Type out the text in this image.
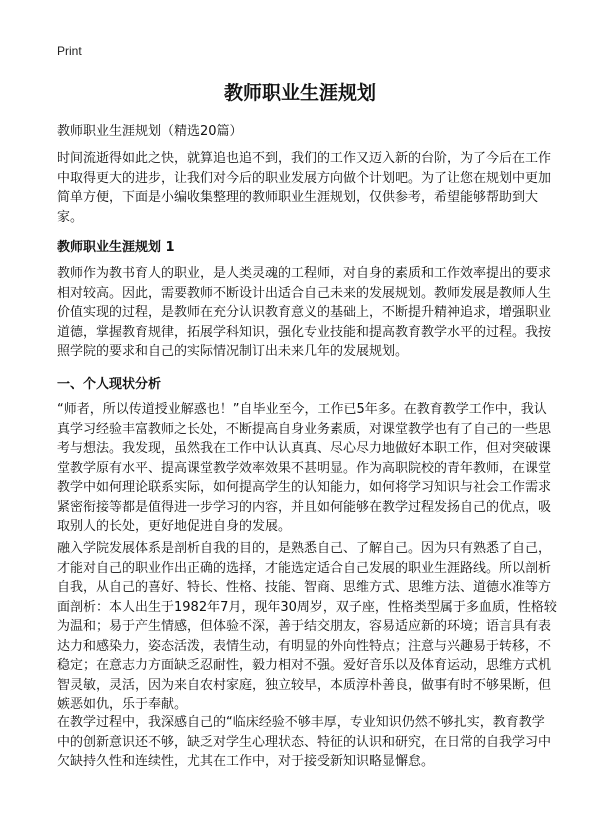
Print
教师职业生涯规划
教师职业生涯规划（精选20篇）

时间流逝得如此之快，就算追也追不到，我们的工作又迈入新的台阶，为了今后在工作中取得更大的进步，让我们对今后的职业发展方向做个计划吧。为了让您在规划中更加简单方便，下面是小编收集整理的教师职业生涯规划，仅供参考，希望能够帮助到大家。

教师职业生涯规划 1

教师作为教书育人的职业，是人类灵魂的工程师，对自身的素质和工作效率提出的要求相对较高。因此，需要教师不断设计出适合自己未来的发展规划。教师发展是教师人生价值实现的过程，是教师在充分认识教育意义的基础上，不断提升精神追求，增强职业道德，掌握教育规律，拓展学科知识，强化专业技能和提高教育教学水平的过程。我按照学院的要求和自己的实际情况制订出未来几年的发展规划。

一、个人现状分析

“师者，所以传道授业解惑也！”自毕业至今，工作已5年多。在教育教学工作中，我认真学习经验丰富教师之长处，不断提高自身业务素质，对课堂教学也有了自己的一些思考与想法。我发现，虽然我在工作中认认真真、尽心尽力地做好本职工作，但对突破课堂教学原有水平、提高课堂教学效率效果不甚明显。作为高职院校的青年教师，在课堂教学中如何理论联系实际，如何提高学生的认知能力，如何将学习知识与社会工作需求紧密衔接等都是值得进一步学习的内容，并且如何能够在教学过程发扬自己的优点，吸取别人的长处，更好地促进自身的发展。

融入学院发展体系是剖析自我的目的，是熟悉自己、了解自己。因为只有熟悉了自己，才能对自己的职业作出正确的选择，才能选定适合自己发展的职业生涯路线。所以剖析自我，从自己的喜好、特长、性格、技能、智商、思维方式、思维方法、道德水准等方面剖析：本人出生于1982年7月，现年30周岁，双子座，性格类型属于多血质，性格较为温和；易于产生情感，但体验不深，善于结交朋友，容易适应新的环境；语言具有表达力和感染力，姿态活泼，表情生动，有明显的外向性特点；注意与兴趣易于转移，不稳定；在意志力方面缺乏忍耐性，毅力相对不强。爱好音乐以及体育运动，思维方式机智灵敏，灵活，因为来自农村家庭，独立较早，本质淳朴善良，做事有时不够果断，但嫉恶如仇，乐于奉献。

在教学过程中，我深感自己的“临床经验不够丰厚，专业知识仍然不够扎实，教育教学中的创新意识还不够，缺乏对学生心理状态、特征的认识和研究，在日常的自我学习中欠缺持久性和连续性，尤其在工作中，对于接受新知识略显懈怠。
